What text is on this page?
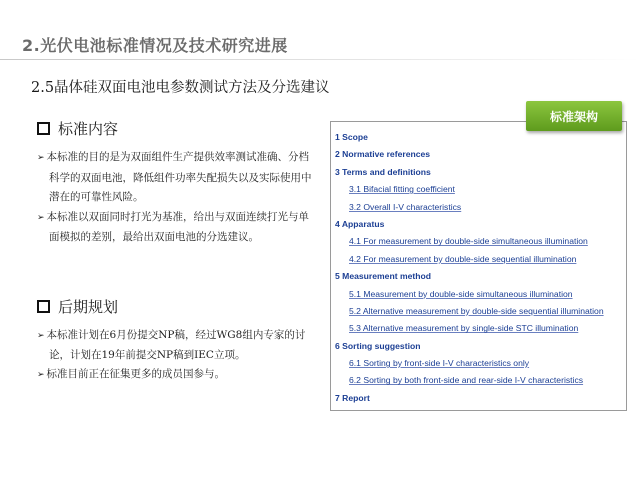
2.光伏电池标准情况及技术研究进展
2.5晶体硅双面电池电参数测试方法及分选建议
标准内容

➢ 本标准的目的是为双面组件生产提供效率测试准确、分档科学的双面电池，降低组件功率失配损失以及实际使用中潜在的可靠性风险。

➢ 本标准以双面同时打光为基准，给出与双面连续打光与单面模拟的差别，最给出双面电池的分选建议。

后期规划

➢ 本标准计划在6月份提交NP稿，经过WG8组内专家的讨论，计划在19年前提交NP稿到IEC立项。

➢ 标准目前正在征集更多的成员国参与。

标准架构
1 Scope
2 Normative references
3 Terms and definitions
3.1 Bifacial fitting coefficient
3.2 Overall I-V characteristics
4 Apparatus
4.1 For measurement by double-side simultaneous illumination
4.2 For measurement by double-side sequential illumination
5 Measurement method
5.1 Measurement by double-side simultaneous illumination
5.2 Alternative measurement by double-side sequential illumination
5.3 Alternative measurement by single-side STC illumination
6 Sorting suggestion
6.1 Sorting by front-side I-V characteristics only
6.2 Sorting by both front-side and rear-side I-V characteristics
7 Report
